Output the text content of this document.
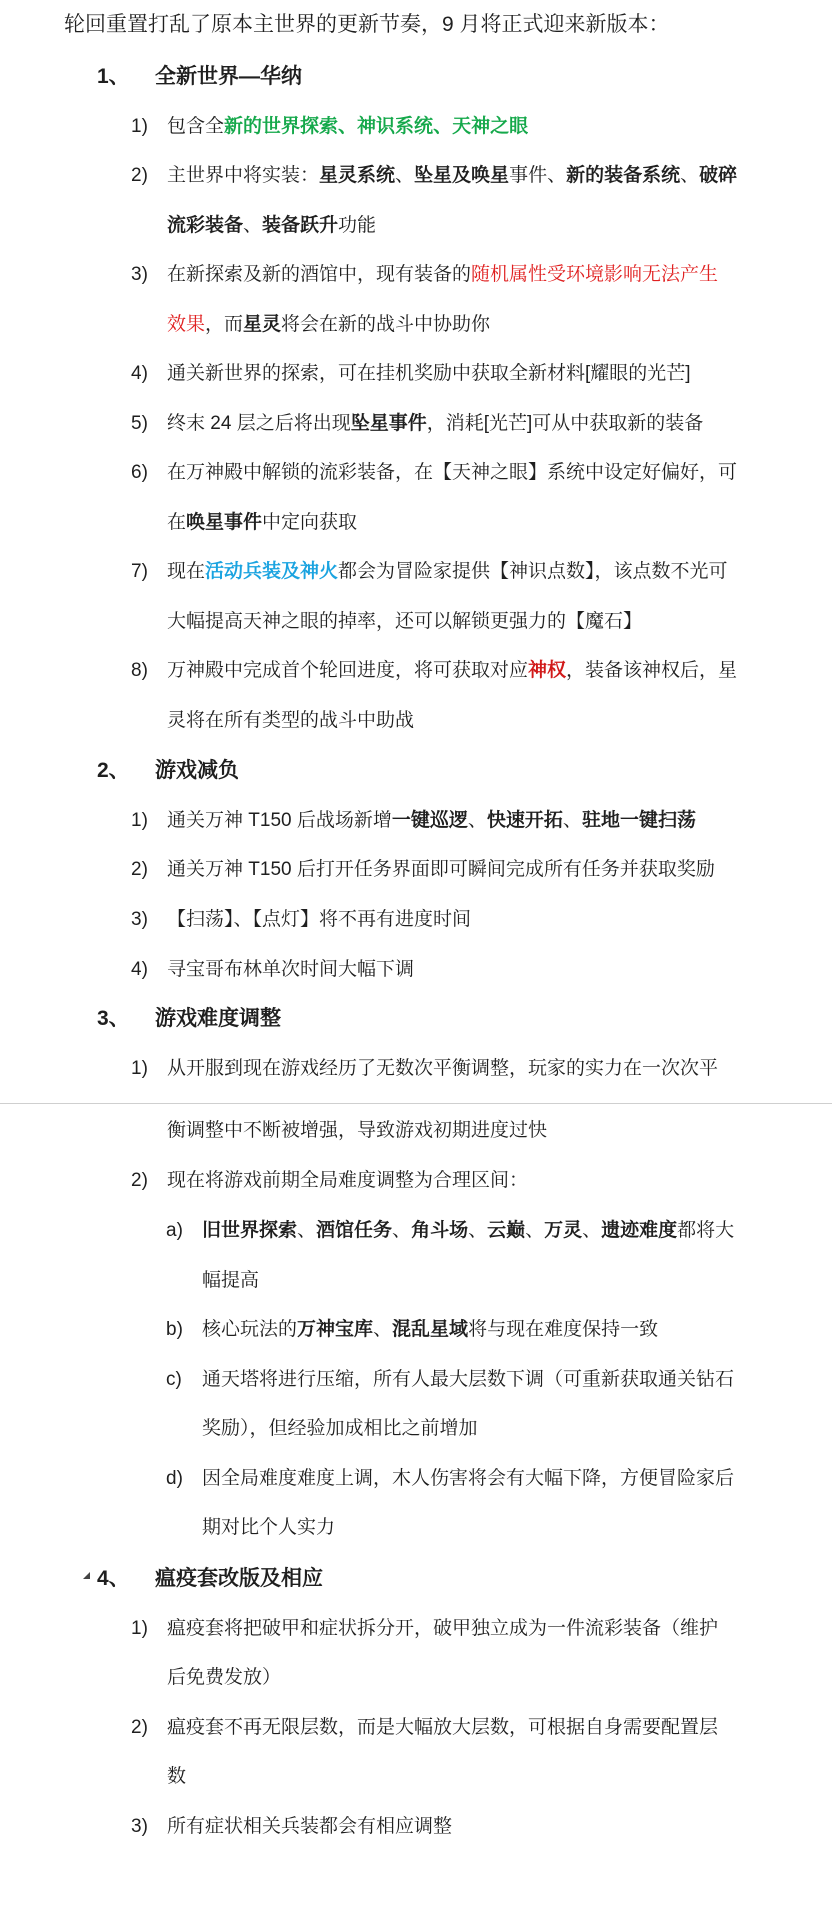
轮回重置打乱了原本主世界的更新节奏，9 月将正式迎来新版本：
1、 全新世界—华纳
1) 包含全新的世界探索、神识系统、天神之眼
2) 主世界中将实装：星灵系统、坠星及唤星事件、新的装备系统、破碎
流彩装备、装备跃升功能
3) 在新探索及新的酒馆中，现有装备的随机属性受环境影响无法产生
效果，而星灵将会在新的战斗中协助你
4) 通关新世界的探索，可在挂机奖励中获取全新材料[耀眼的光芒]
5) 终末 24 层之后将出现坠星事件，消耗[光芒]可从中获取新的装备
6) 在万神殿中解锁的流彩装备，在【天神之眼】系统中设定好偏好，可
在唤星事件中定向获取
7) 现在活动兵装及神火都会为冒险家提供【神识点数】，该点数不光可
大幅提高天神之眼的掉率，还可以解锁更强力的【魔石】
8) 万神殿中完成首个轮回进度，将可获取对应神权，装备该神权后，星
灵将在所有类型的战斗中助战
2、 游戏减负
1) 通关万神 T150 后战场新增一键巡逻、快速开拓、驻地一键扫荡
2) 通关万神 T150 后打开任务界面即可瞬间完成所有任务并获取奖励
3) 【扫荡】、【点灯】将不再有进度时间
4) 寻宝哥布林单次时间大幅下调
3、 游戏难度调整
1) 从开服到现在游戏经历了无数次平衡调整，玩家的实力在一次次平
衡调整中不断被增强，导致游戏初期进度过快
2) 现在将游戏前期全局难度调整为合理区间：
a) 旧世界探索、酒馆任务、角斗场、云巅、万灵、遗迹难度都将大
幅提高
b) 核心玩法的万神宝库、混乱星域将与现在难度保持一致
c) 通天塔将进行压缩，所有人最大层数下调（可重新获取通关钻石
奖励），但经验加成相比之前增加
d) 因全局难度难度上调，木人伤害将会有大幅下降，方便冒险家后
期对比个人实力
4、 瘟疫套改版及相应
1) 瘟疫套将把破甲和症状拆分开，破甲独立成为一件流彩装备（维护
后免费发放）
2) 瘟疫套不再无限层数，而是大幅放大层数，可根据自身需要配置层
数
3) 所有症状相关兵装都会有相应调整
